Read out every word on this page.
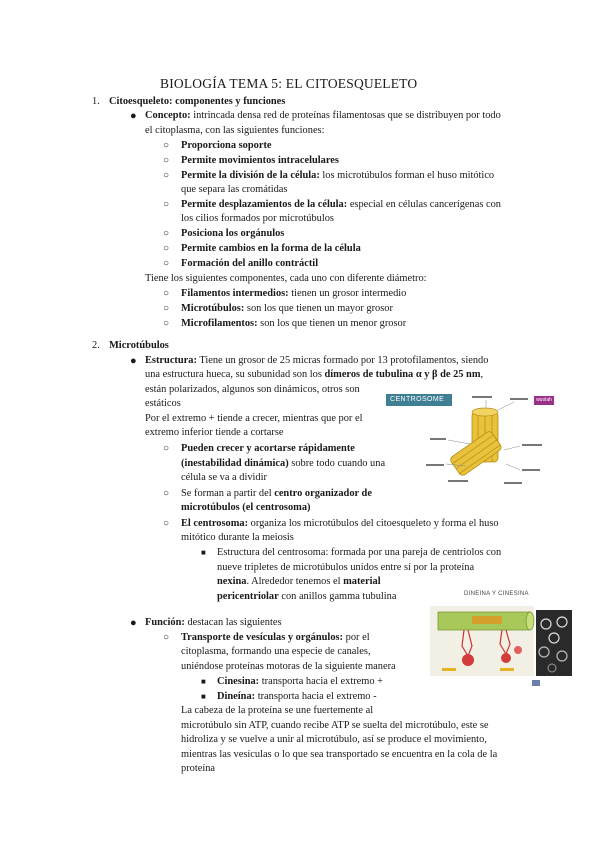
BIOLOGÍA TEMA 5: EL CITOESQUELETO
1. Citoesqueleto: componentes y funciones
● Concepto: intrincada densa red de proteínas filamentosas que se distribuyen por todo
el citoplasma, con las siguientes funciones:
○ Proporciona soporte
○ Permite movimientos intracelulares
○ Permite la división de la célula: los microtúbulos forman el huso mitótico
que separa las cromátidas
○ Permite desplazamientos de la célula: especial en células cancerígenas con
los cilios formados por microtúbulos
○ Posiciona los orgánulos
○ Permite cambios en la forma de la célula
○ Formación del anillo contráctil
Tiene los siguientes componentes, cada uno con diferente diámetro:
○ Filamentos intermedios: tienen un grosor intermedio
○ Microtúbulos: son los que tienen un mayor grosor
○ Microfilamentos: son los que tienen un menor grosor
2. Microtúbulos
● Estructura: Tiene un grosor de 25 micras formado por 13 protofilamentos, siendo
una estructura hueca, su subunidad son los dímeros de tubulina α y β de 25 nm,
están polarizados, algunos son dinámicos, otros son
estáticos
Por el extremo + tiende a crecer, mientras que por el
extremo inferior tiende a cortarse
○ Pueden crecer y acortarse rápidamente
(inestabilidad dinámica) sobre todo cuando una
célula se va a dividir
○ Se forman a partir del centro organizador de
microtúbulos (el centrosoma)
○ El centrosoma: organiza los microtúbulos del citoesqueleto y forma el huso
mitótico durante la meiosis
■ Estructura del centrosoma: formada por una pareja de centriolos con
nueve tripletes de microtúbulos unidos entre sí por la proteína
nexina. Alrededor tenemos el material
pericentriolar con anillos gamma tubulina
● Función: destacan las siguientes
○ Transporte de vesículas y orgánulos: por el
citoplasma, formando una especie de canales,
uniéndose proteínas motoras de la siguiente manera
■ Cinesina: transporta hacia el extremo +
■ Dineína: transporta hacia el extremo -
La cabeza de la proteína se une fuertemente al
microtúbulo sin ATP, cuando recibe ATP se suelta del microtúbulo, este se
hidroliza y se vuelve a unir al microtúbulo, así se produce el movimiento,
mientras las vesículas o lo que sea transportado se encuentra en la cola de la
proteína
CENTROSOME	wuolah
DINEÍNA Y CINESINA
